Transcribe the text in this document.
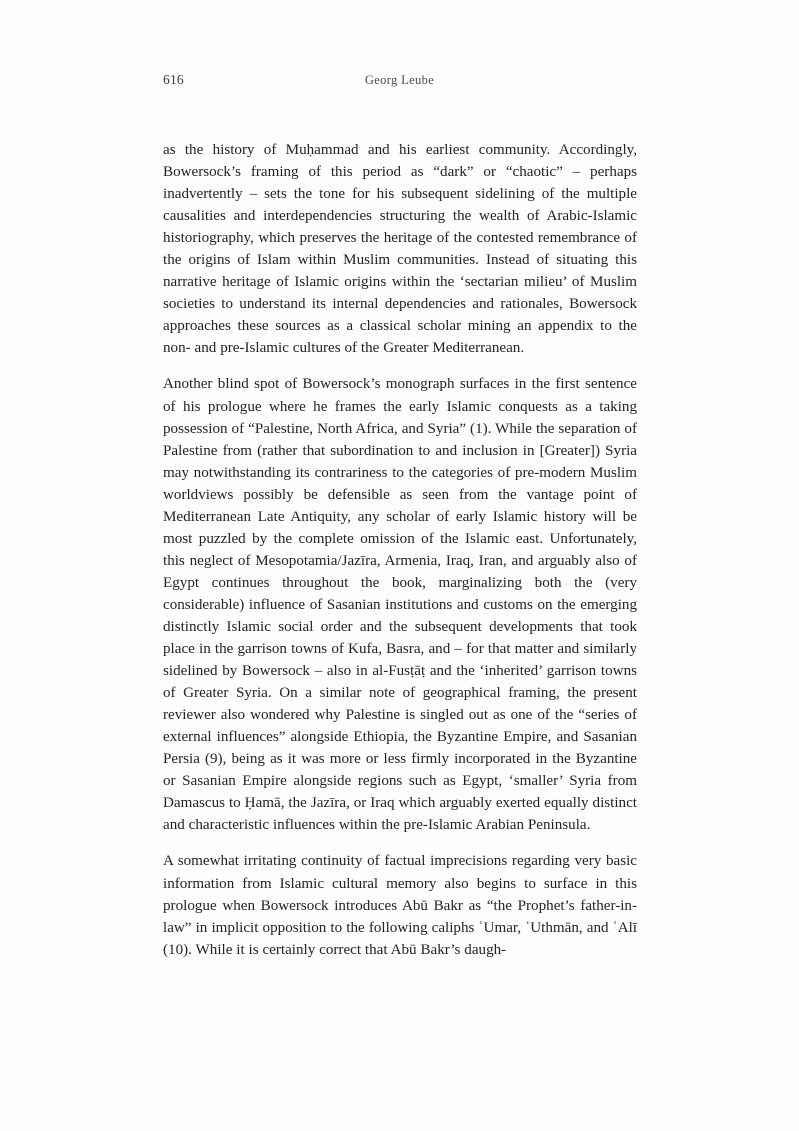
616	Georg Leube

as the history of Muḥammad and his earliest community. Accordingly, Bowersock’s framing of this period as “dark” or “chaotic” – perhaps inadvertently – sets the tone for his subsequent sidelining of the multiple causalities and interdependencies structuring the wealth of Arabic-Islamic historiography, which preserves the heritage of the contested remembrance of the origins of Islam within Muslim communities. Instead of situating this narrative heritage of Islamic origins within the ‘sectarian milieu’ of Muslim societies to understand its internal dependencies and rationales, Bowersock approaches these sources as a classical scholar mining an appendix to the non- and pre-Islamic cultures of the Greater Mediterranean.

Another blind spot of Bowersock’s monograph surfaces in the first sentence of his prologue where he frames the early Islamic conquests as a taking possession of “Palestine, North Africa, and Syria” (1). While the separation of Palestine from (rather that subordination to and inclusion in [Greater]) Syria may notwithstanding its contrariness to the categories of pre-modern Muslim worldviews possibly be defensible as seen from the vantage point of Mediterranean Late Antiquity, any scholar of early Islamic history will be most puzzled by the complete omission of the Islamic east. Unfortunately, this neglect of Mesopotamia/Jazīra, Armenia, Iraq, Iran, and arguably also of Egypt continues throughout the book, marginalizing both the (very considerable) influence of Sasanian institutions and customs on the emerging distinctly Islamic social order and the subsequent developments that took place in the garrison towns of Kufa, Basra, and – for that matter and similarly sidelined by Bowersock – also in al-Fusṭāṭ and the ‘inherited’ garrison towns of Greater Syria. On a similar note of geographical framing, the present reviewer also wondered why Palestine is singled out as one of the “series of external influences” alongside Ethiopia, the Byzantine Empire, and Sasanian Persia (9), being as it was more or less firmly incorporated in the Byzantine or Sasanian Empire alongside regions such as Egypt, ‘smaller’ Syria from Damascus to Ḥamā, the Jazīra, or Iraq which arguably exerted equally distinct and characteristic influences within the pre-Islamic Arabian Peninsula.

A somewhat irritating continuity of factual imprecisions regarding very basic information from Islamic cultural memory also begins to surface in this prologue when Bowersock introduces Abū Bakr as “the Prophet’s father-in-law” in implicit opposition to the following caliphs ʿUmar, ʿUthmān, and ʿAlī (10). While it is certainly correct that Abū Bakr’s daugh-
